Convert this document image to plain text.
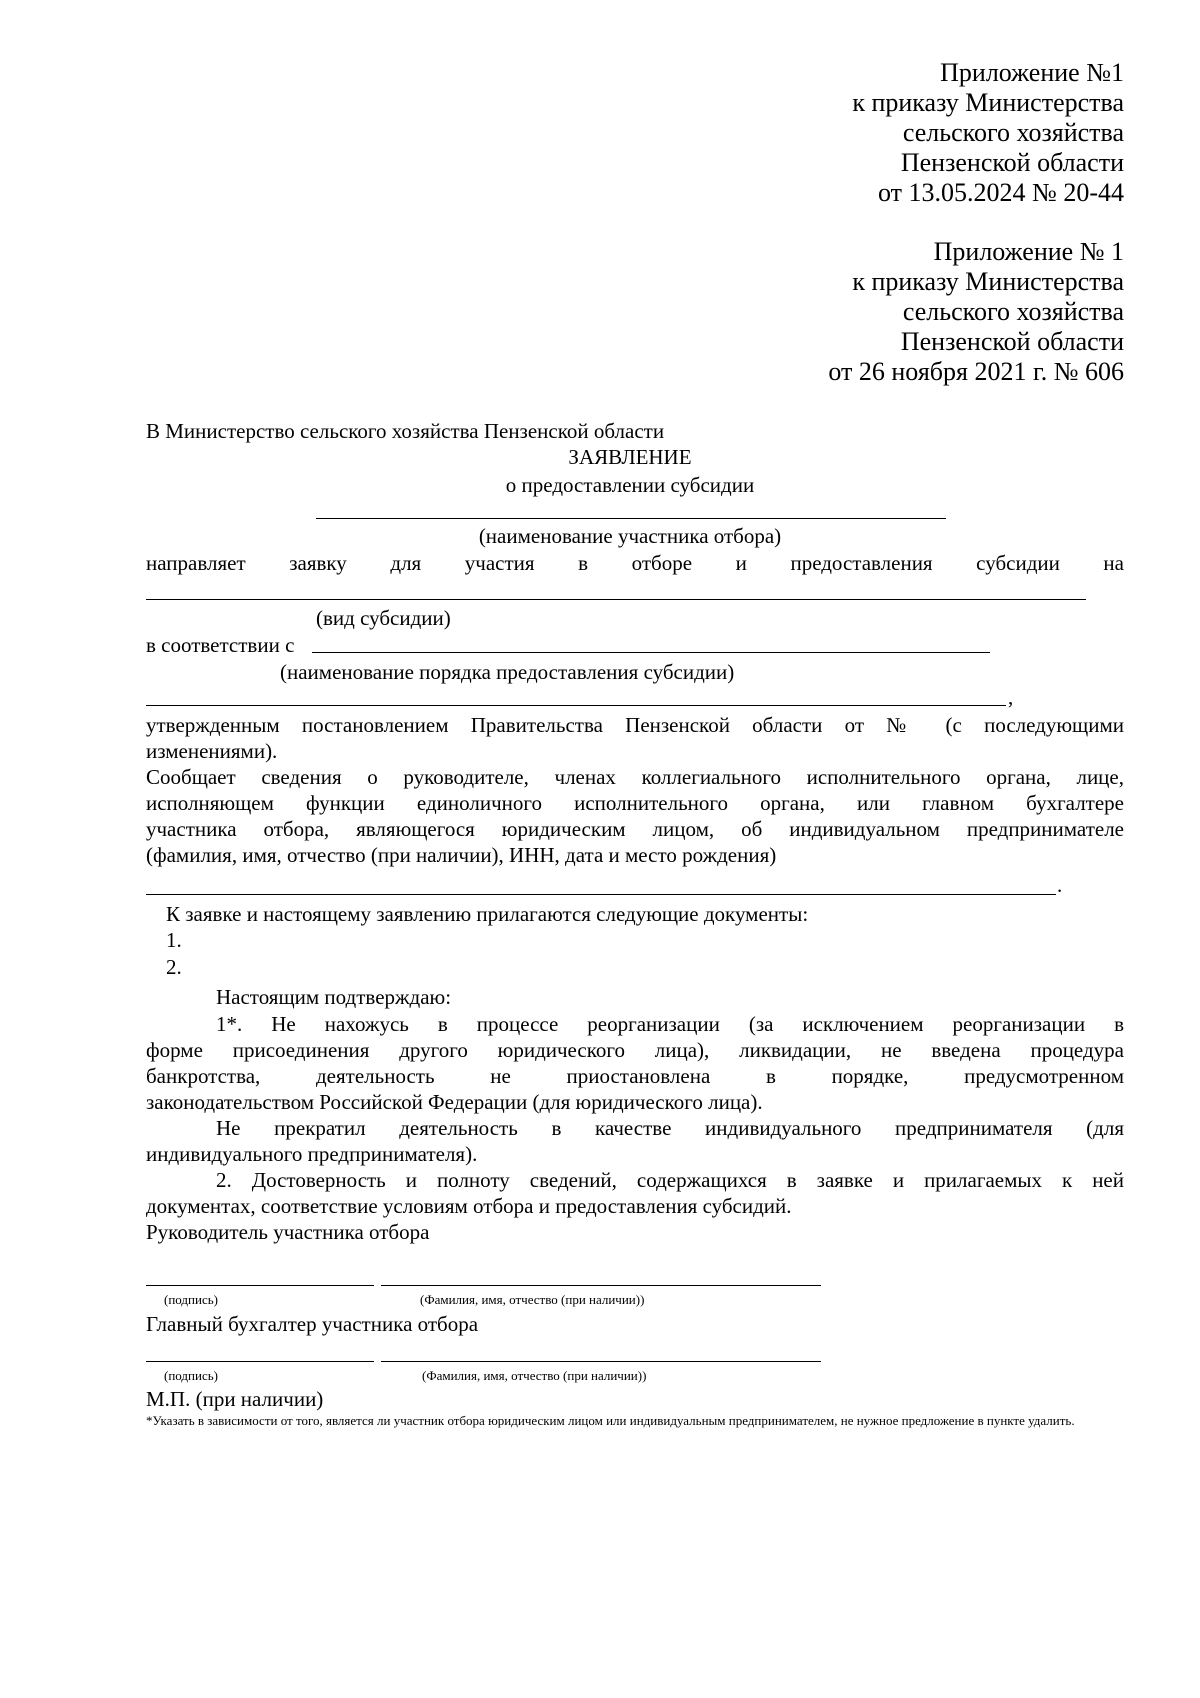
Приложение №1
к приказу Министерства
сельского хозяйства
Пензенской области
от 13.05.2024 № 20-44
Приложение № 1
к приказу Министерства
сельского хозяйства
Пензенской области
от 26 ноября 2021 г. № 606
В Министерство сельского хозяйства Пензенской области
ЗАЯВЛЕНИЕ
о предоставлении субсидии
(наименование участника отбора)
направляет заявку для участия в отборе и предоставления субсидии на
(вид субсидии)
в соответствии с
(наименование порядка предоставления субсидии)
,
утвержденным постановлением Правительства Пензенской области от № (с последующими
изменениями).
Сообщает сведения о руководителе, членах коллегиального исполнительного органа, лице,
исполняющем функции единоличного исполнительного органа, или главном бухгалтере
участника отбора, являющегося юридическим лицом, об индивидуальном предпринимателе
(фамилия, имя, отчество (при наличии), ИНН, дата и место рождения)
.
К заявке и настоящему заявлению прилагаются следующие документы:
1.
2.
Настоящим подтверждаю:
1*. Не нахожусь в процессе реорганизации (за исключением реорганизации в
форме присоединения другого юридического лица), ликвидации, не введена процедура
банкротства, деятельность не приостановлена в порядке, предусмотренном
законодательством Российской Федерации (для юридического лица).
Не прекратил деятельность в качестве индивидуального предпринимателя (для
индивидуального предпринимателя).
2. Достоверность и полноту сведений, содержащихся в заявке и прилагаемых к ней
документах, соответствие условиям отбора и предоставления субсидий.
Руководитель участника отбора
(подпись)	(Фамилия, имя, отчество (при наличии))
Главный бухгалтер участника отбора
(подпись)	(Фамилия, имя, отчество (при наличии))
М.П. (при наличии)
*Указать в зависимости от того, является ли участник отбора юридическим лицом или индивидуальным предпринимателем, не нужное предложение в пункте удалить.
